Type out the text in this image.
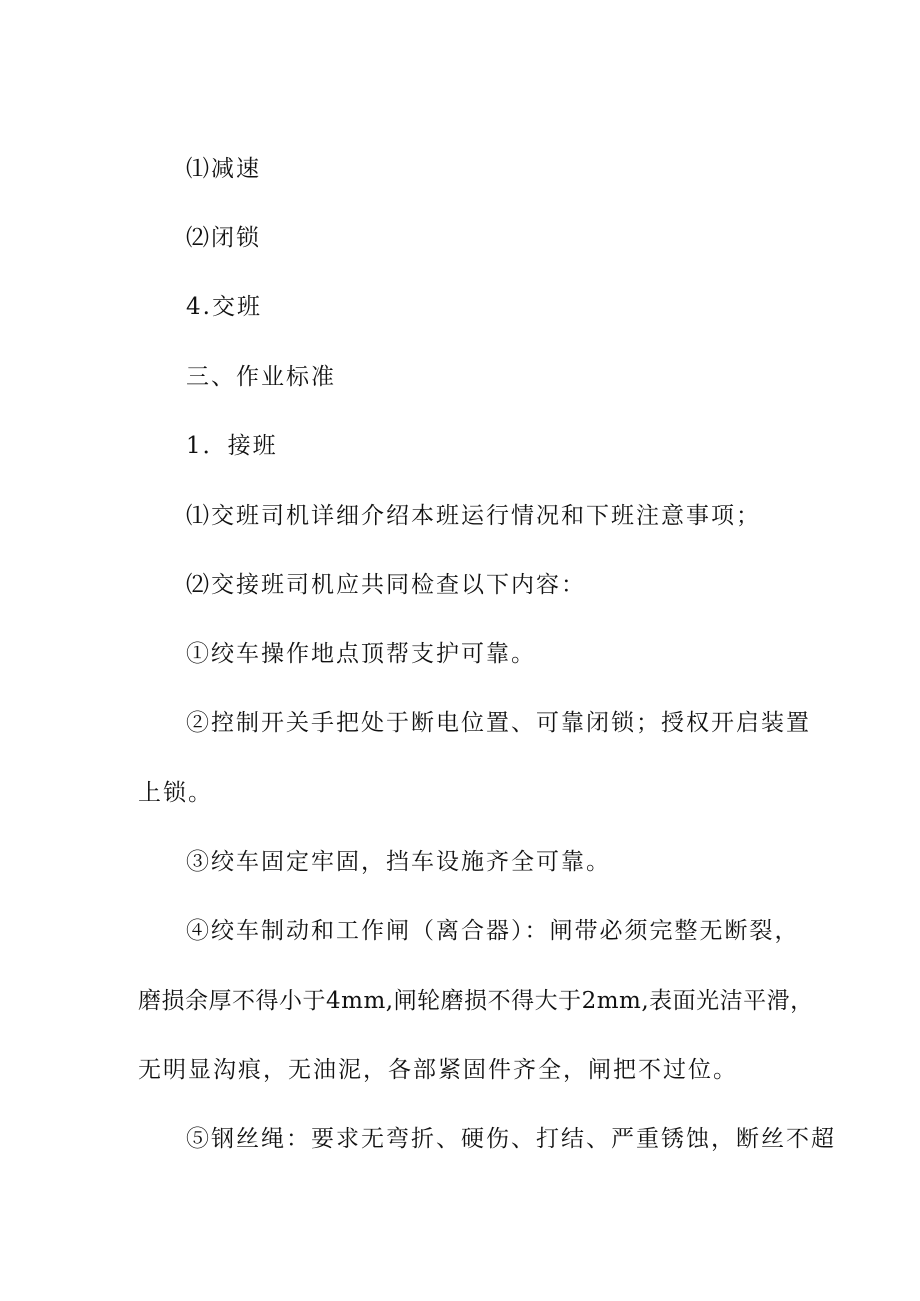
⑴减速
⑵闭锁
4.交班
三、作业标准
1．接班
⑴交班司机详细介绍本班运行情况和下班注意事项；
⑵交接班司机应共同检查以下内容：
①绞车操作地点顶帮支护可靠。
②控制开关手把处于断电位置、可靠闭锁；授权开启装置
上锁。
③绞车固定牢固，挡车设施齐全可靠。
④绞车制动和工作闸（离合器）：闸带必须完整无断裂，
磨损余厚不得小于4mm,闸轮磨损不得大于2mm,表面光洁平滑，
无明显沟痕，无油泥，各部紧固件齐全，闸把不过位。
⑤钢丝绳：要求无弯折、硬伤、打结、严重锈蚀，断丝不超
